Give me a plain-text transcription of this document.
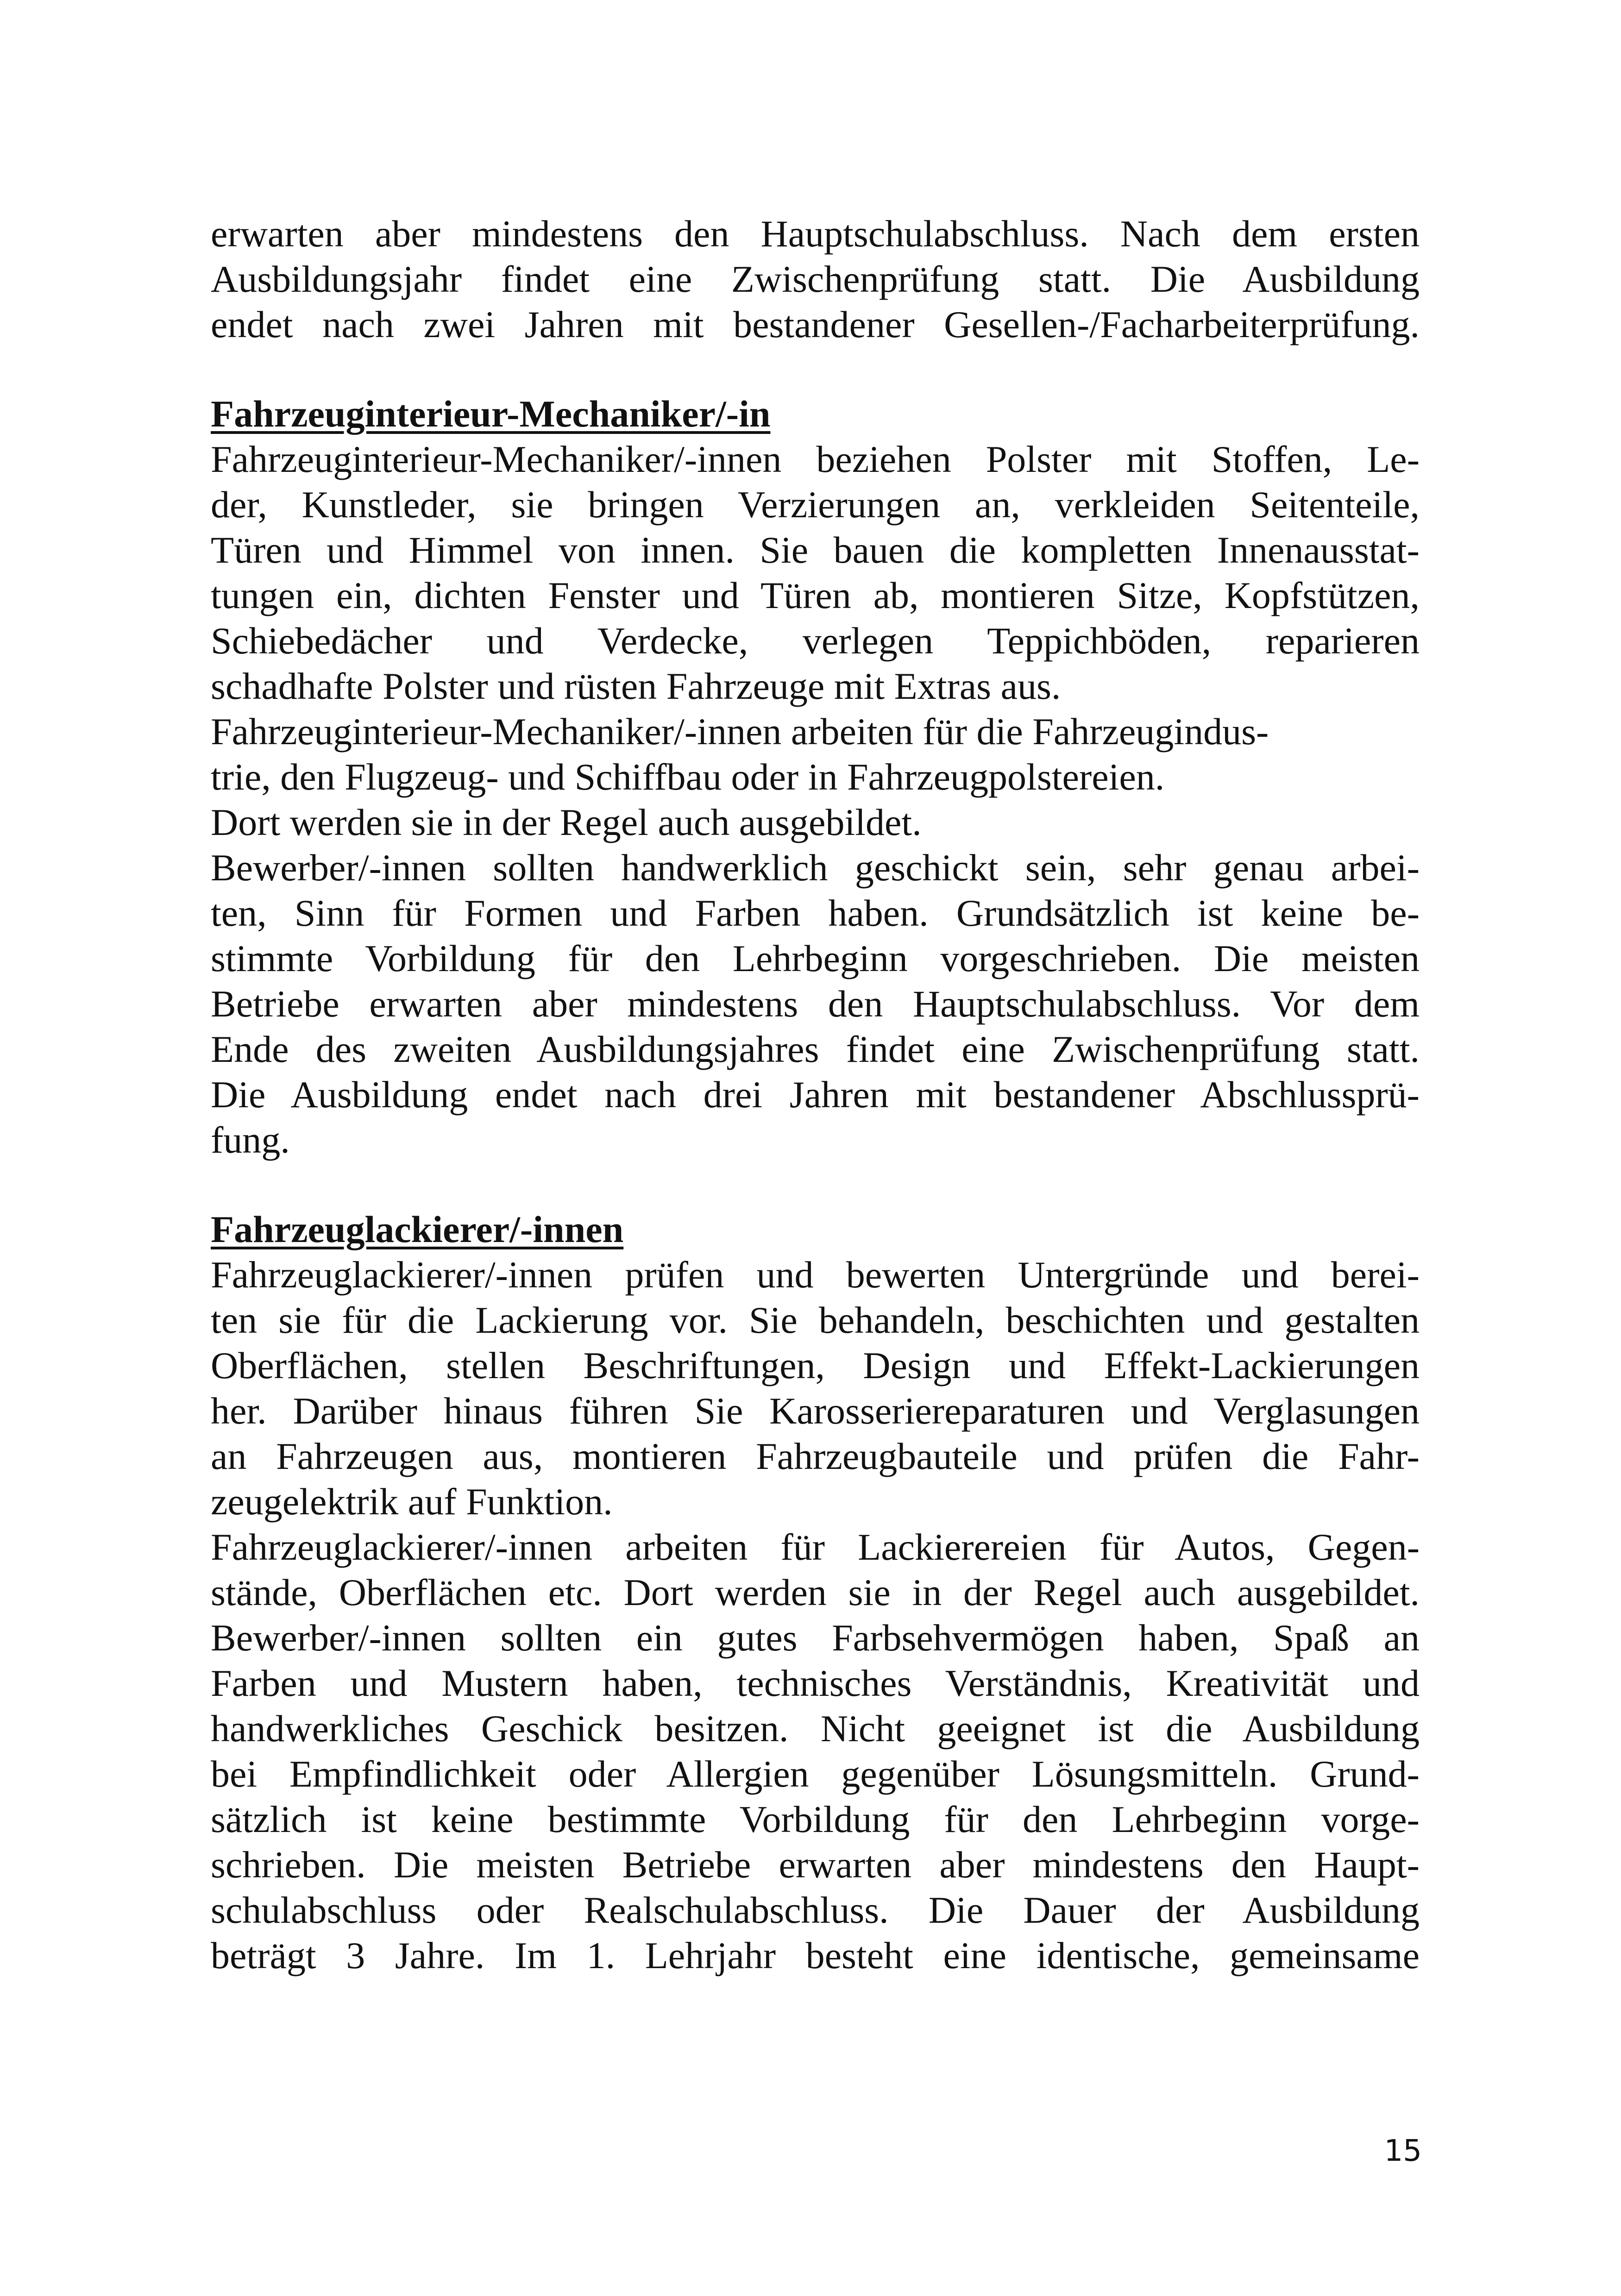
erwarten aber mindestens den Hauptschulabschluss. Nach dem ersten
Ausbildungsjahr findet eine Zwischenprüfung statt. Die Ausbildung
endet nach zwei Jahren mit bestandener Gesellen-/Facharbeiterprüfung.
Fahrzeuginterieur-Mechaniker/-in
Fahrzeuginterieur-Mechaniker/-innen beziehen Polster mit Stoffen, Le-
der, Kunstleder, sie bringen Verzierungen an, verkleiden Seitenteile,
Türen und Himmel von innen. Sie bauen die kompletten Innenausstat-
tungen ein, dichten Fenster und Türen ab, montieren Sitze, Kopfstützen,
Schiebedächer und Verdecke, verlegen Teppichböden, reparieren
schadhafte Polster und rüsten Fahrzeuge mit Extras aus.
Fahrzeuginterieur-Mechaniker/-innen arbeiten für die Fahrzeugindus-
trie, den Flugzeug- und Schiffbau oder in Fahrzeugpolstereien.
Dort werden sie in der Regel auch ausgebildet.
Bewerber/-innen sollten handwerklich geschickt sein, sehr genau arbei-
ten, Sinn für Formen und Farben haben. Grundsätzlich ist keine be-
stimmte Vorbildung für den Lehrbeginn vorgeschrieben. Die meisten
Betriebe erwarten aber mindestens den Hauptschulabschluss. Vor dem
Ende des zweiten Ausbildungsjahres findet eine Zwischenprüfung statt.
Die Ausbildung endet nach drei Jahren mit bestandener Abschlussprü-
fung.
Fahrzeuglackierer/-innen
Fahrzeuglackierer/-innen prüfen und bewerten Untergründe und berei-
ten sie für die Lackierung vor. Sie behandeln, beschichten und gestalten
Oberflächen, stellen Beschriftungen, Design und Effekt-Lackierungen
her. Darüber hinaus führen Sie Karosseriereparaturen und Verglasungen
an Fahrzeugen aus, montieren Fahrzeugbauteile und prüfen die Fahr-
zeugelektrik auf Funktion.
Fahrzeuglackierer/-innen arbeiten für Lackierereien für Autos, Gegen-
stände, Oberflächen etc. Dort werden sie in der Regel auch ausgebildet.
Bewerber/-innen sollten ein gutes Farbsehvermögen haben, Spaß an
Farben und Mustern haben, technisches Verständnis, Kreativität und
handwerkliches Geschick besitzen. Nicht geeignet ist die Ausbildung
bei Empfindlichkeit oder Allergien gegenüber Lösungsmitteln. Grund-
sätzlich ist keine bestimmte Vorbildung für den Lehrbeginn vorge-
schrieben. Die meisten Betriebe erwarten aber mindestens den Haupt-
schulabschluss oder Realschulabschluss. Die Dauer der Ausbildung
beträgt 3 Jahre. Im 1. Lehrjahr besteht eine identische, gemeinsame
15
